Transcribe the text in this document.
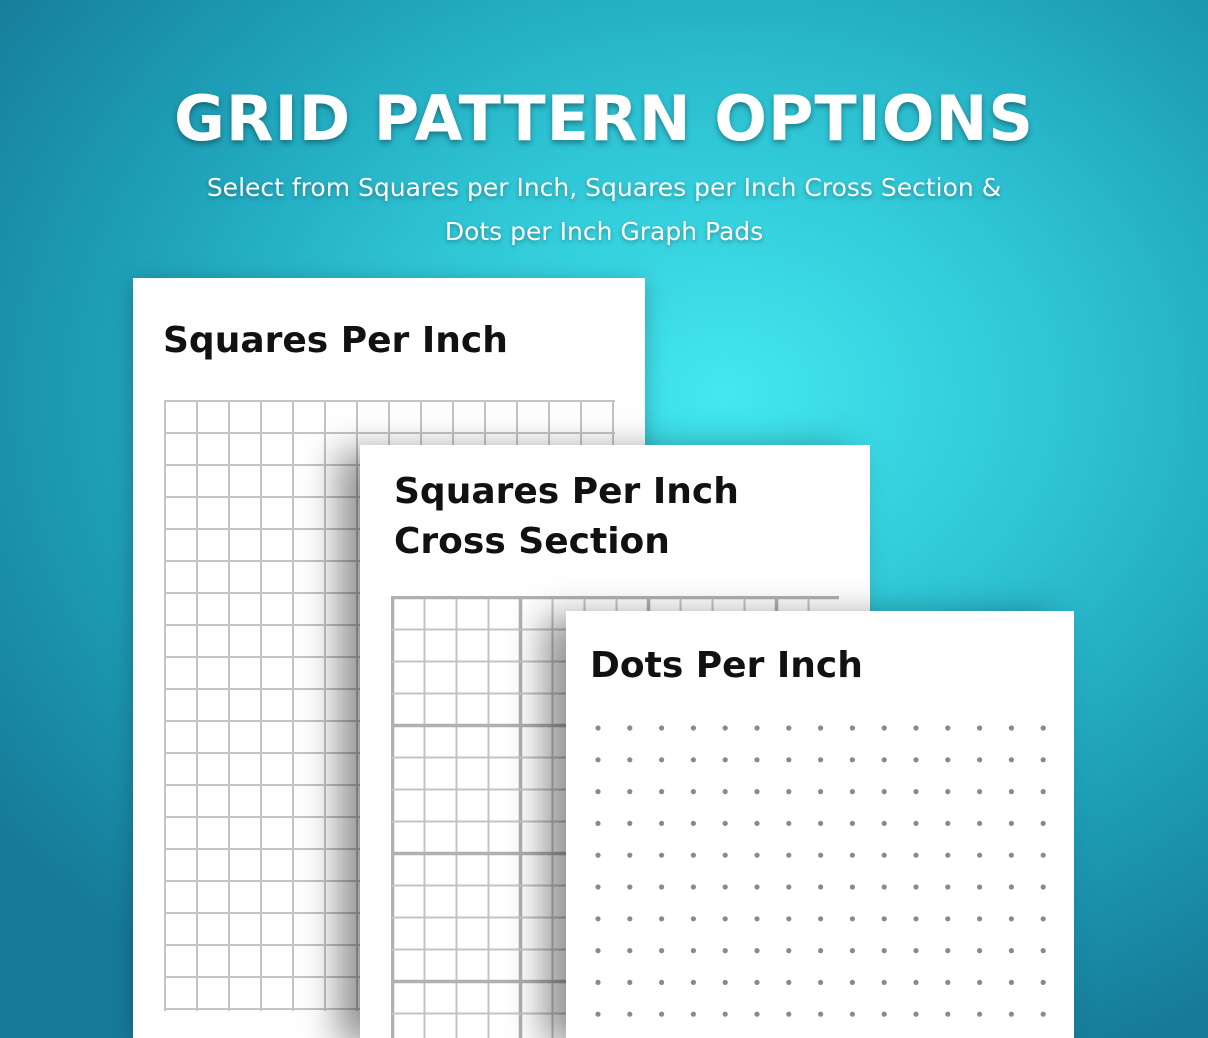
GRID PATTERN OPTIONS

Select from Squares per Inch, Squares per Inch Cross Section &
Dots per Inch Graph Pads

Squares Per Inch
Squares Per Inch
Cross Section
Dots Per Inch
